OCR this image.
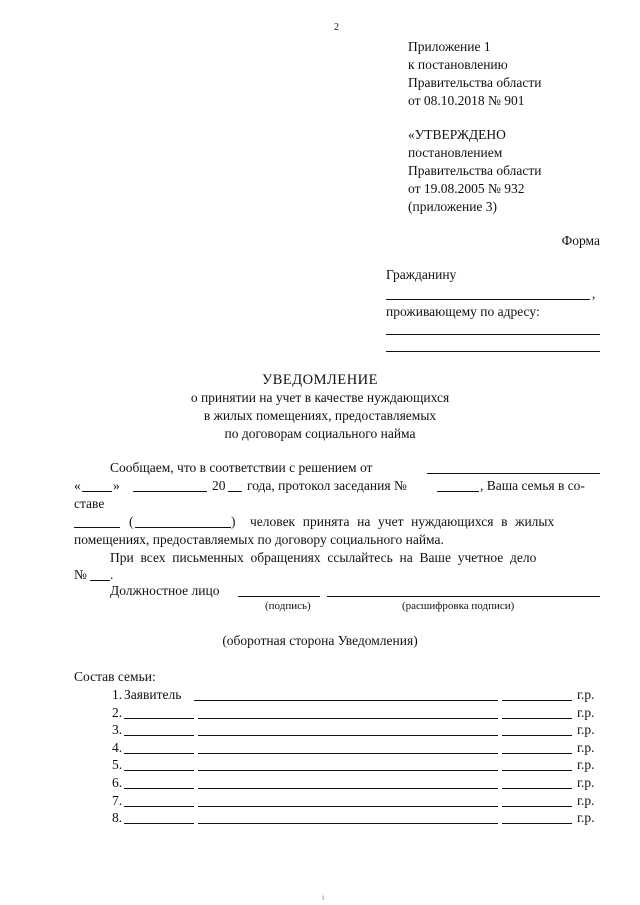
2
Приложение 1
к постановлению
Правительства области
от 08.10.2018 № 901
«УТВЕРЖДЕНО
постановлением
Правительства области
от 19.08.2005 № 932
(приложение 3)
Форма
Гражданину
,
проживающему по адресу:
УВЕДОМЛЕНИЕ
о принятии на учет в качестве нуждающихся
в жилых помещениях, предоставляемых
по договорам социального найма
Сообщаем, что в соответствии с решением от
« »	20 года, протокол заседания №	, Ваша семья в со-
ставе
(	) человек принята на учет нуждающихся в жилых
помещениях, предоставляемых по договору социального найма.
При всех письменных обращениях ссылайтесь на Ваше учетное дело
№ .
Должностное лицо
(подпись)	(расшифровка подписи)
(оборотная сторона Уведомления)
Состав семьи:
1. Заявитель	г.р.
2.	г.р.
3.	г.р.
4.	г.р.
5.	г.р.
6.	г.р.
7.	г.р.
8.	г.р.
i
